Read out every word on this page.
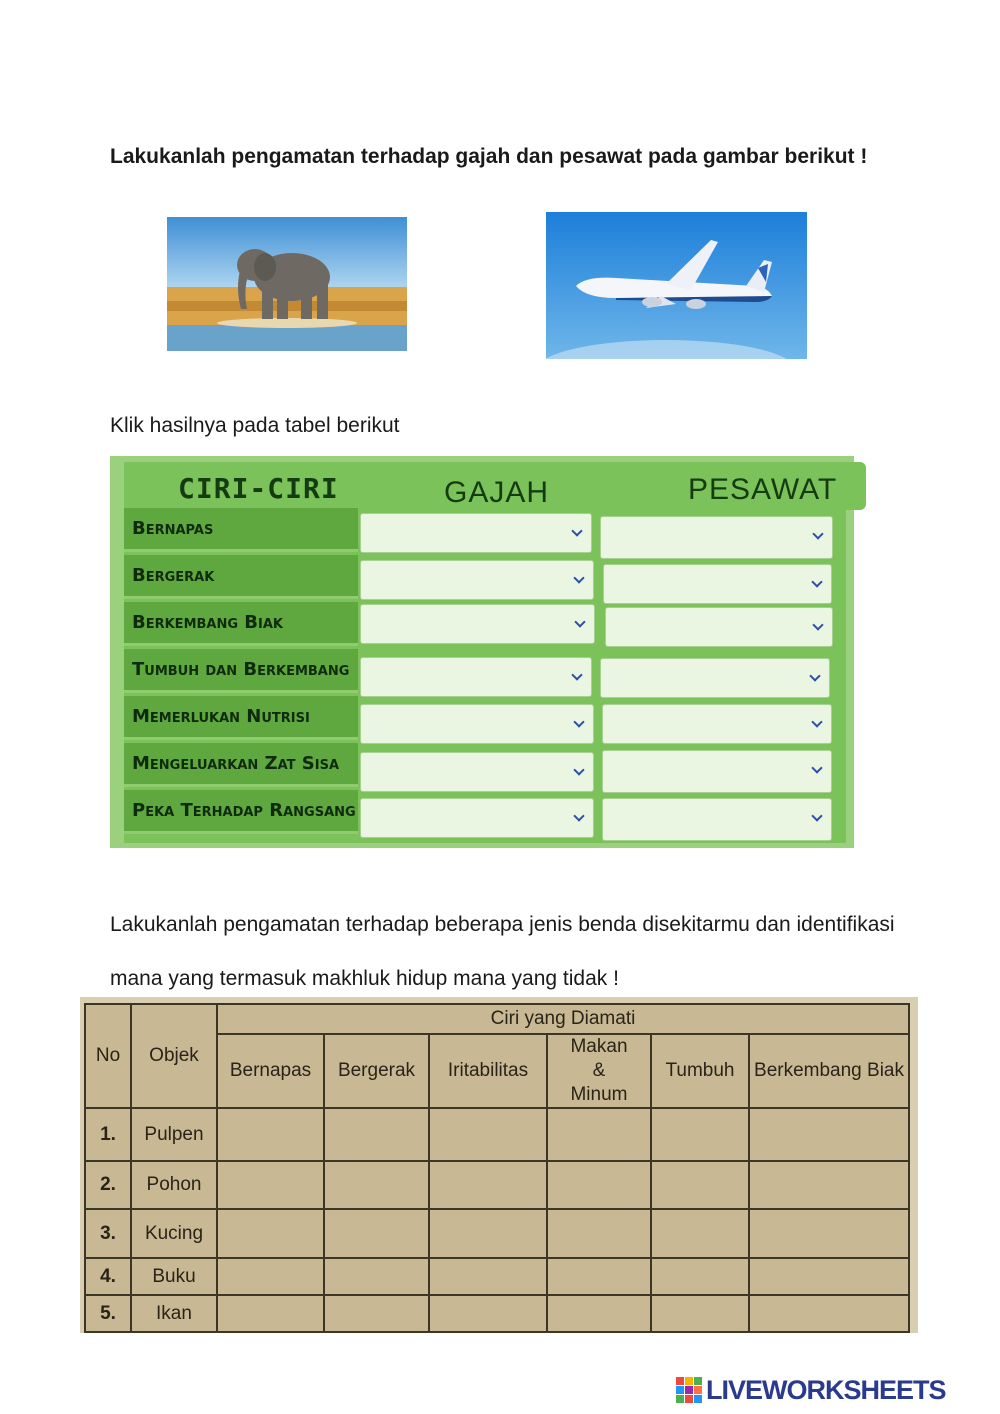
Lakukanlah pengamatan terhadap gajah dan pesawat pada gambar berikut !
Klik hasilnya pada tabel berikut
CIRI-CIRI	GAJAH	PESAWAT
Bernapas
Bergerak
Berkembang Biak
Tumbuh dan Berkembang
Memerlukan Nutrisi
Mengeluarkan Zat Sisa
Peka Terhadap Rangsang
Lakukanlah pengamatan terhadap beberapa jenis benda disekitarmu dan identifikasi mana yang termasuk makhluk hidup mana yang tidak !
No	Objek	Ciri yang Diamati					
		Bernapas	Bergerak	Iritabilitas	Makan & Minum	Tumbuh	Berkembang Biak
1.	Pulpen						
2.	Pohon						
3.	Kucing						
4.	Buku						
5.	Ikan						
LIVEWORKSHEETS
